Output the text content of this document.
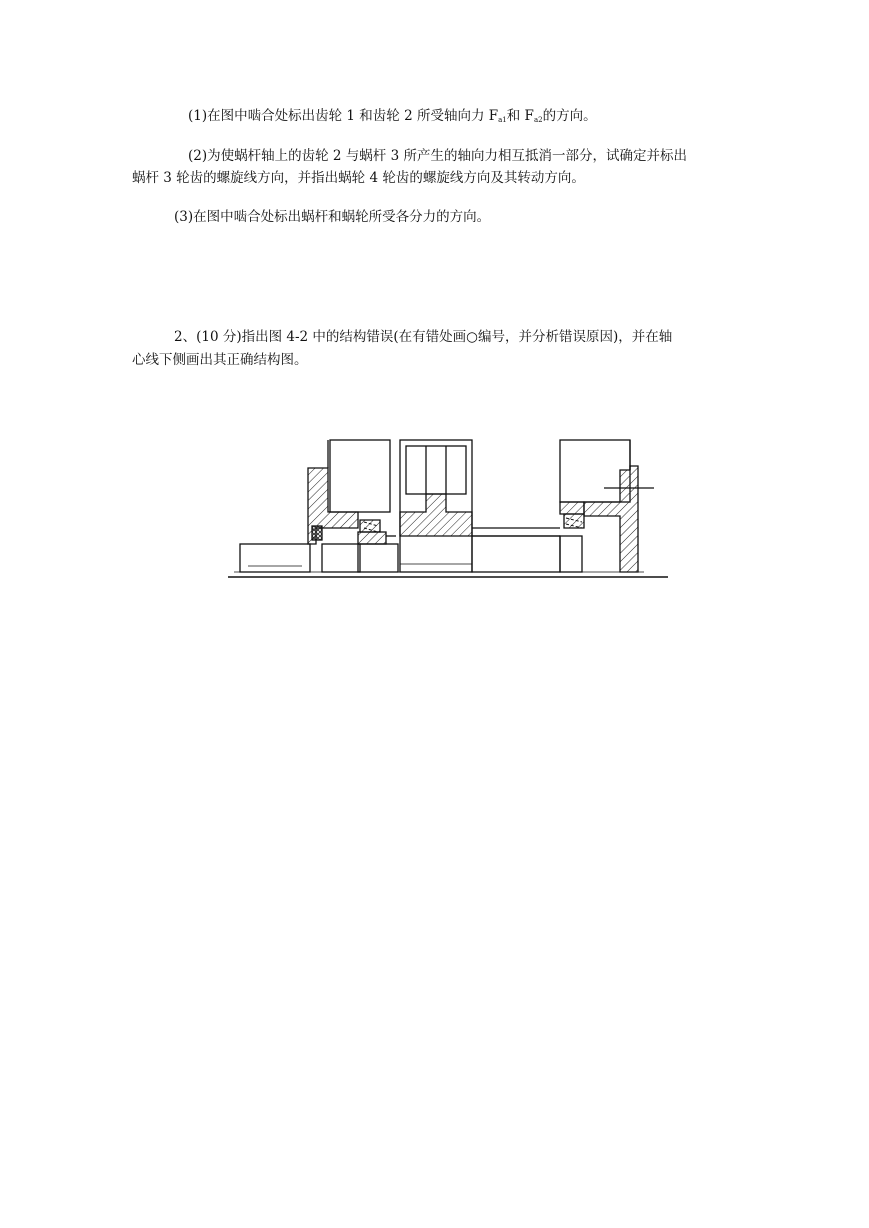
(1)在图中啮合处标出齿轮 1 和齿轮 2 所受轴向力 $F_{a1}$和 $F_{a2}$的方向。
(2)为使蜗杆轴上的齿轮 2 与蜗杆 3 所产生的轴向力相互抵消一部分，试确定并标出
蜗杆 3 轮齿的螺旋线方向，并指出蜗轮 4 轮齿的螺旋线方向及其转动方向。
(3)在图中啮合处标出蜗杆和蜗轮所受各分力的方向。
2、(10 分)指出图 4-2 中的结构错误(在有错处画○编号，并分析错误原因)，并在轴
心线下侧画出其正确结构图。
